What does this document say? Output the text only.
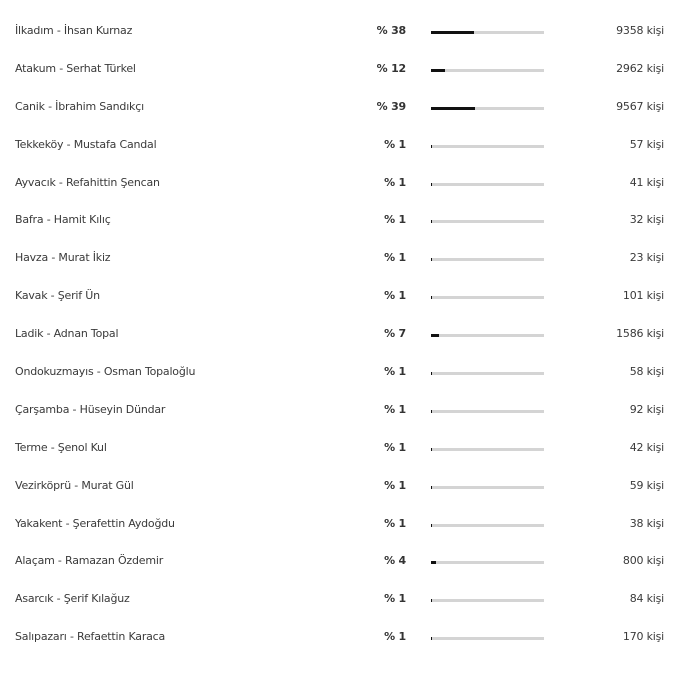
İlkadım - İhsan Kurnaz	% 38	9358 kişi
Atakum - Serhat Türkel	% 12	2962 kişi
Canik - İbrahim Sandıkçı	% 39	9567 kişi
Tekkeköy - Mustafa Candal	% 1	57 kişi
Ayvacık - Refahittin Şencan	% 1	41 kişi
Bafra - Hamit Kılıç	% 1	32 kişi
Havza - Murat İkiz	% 1	23 kişi
Kavak - Şerif Ün	% 1	101 kişi
Ladik - Adnan Topal	% 7	1586 kişi
Ondokuzmayıs - Osman Topaloğlu	% 1	58 kişi
Çarşamba - Hüseyin Dündar	% 1	92 kişi
Terme - Şenol Kul	% 1	42 kişi
Vezirköprü - Murat Gül	% 1	59 kişi
Yakakent - Şerafettin Aydoğdu	% 1	38 kişi
Alaçam - Ramazan Özdemir	% 4	800 kişi
Asarcık - Şerif Kılağuz	% 1	84 kişi
Salıpazarı - Refaettin Karaca	% 1	170 kişi
